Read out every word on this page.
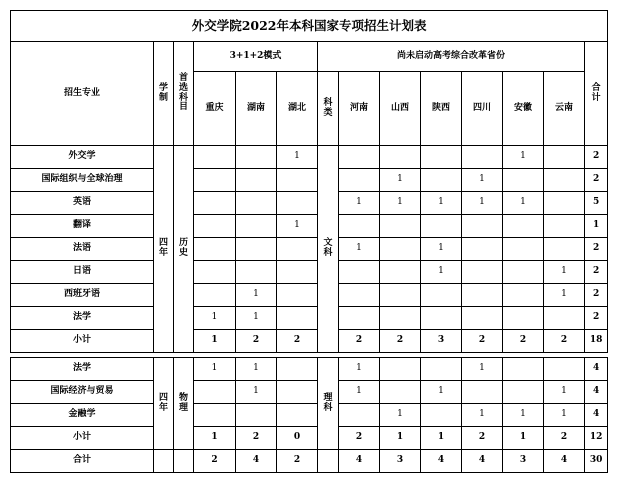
外交学院2022年本科国家专项招生计划表													
招生专业	学制	首选科目	3+1+2模式			尚未启动高考综合改革省份							合计
			重庆	湖南	湖北	科类	河南	山西	陕西	四川	安徽	云南	
外交学	四年	历史			1	文科					1		2
国际组织与全球治理								1		1			2
英语							1	1	1	1	1		5
翻译					1								1
法语							1		1				2
日语									1			1	2
西班牙语				1								1	2
法学			1	1									2
小计			1	2	2		2	2	3	2	2	2	18

法学	四年	物理	1	1		理科	1			1			4
国际经济与贸易				1			1		1			1	4
金融学								1		1	1	1	4
小计			1	2	0		2	1	1	2	1	2	12
合计			2	4	2		4	3	4	4	3	4	30
